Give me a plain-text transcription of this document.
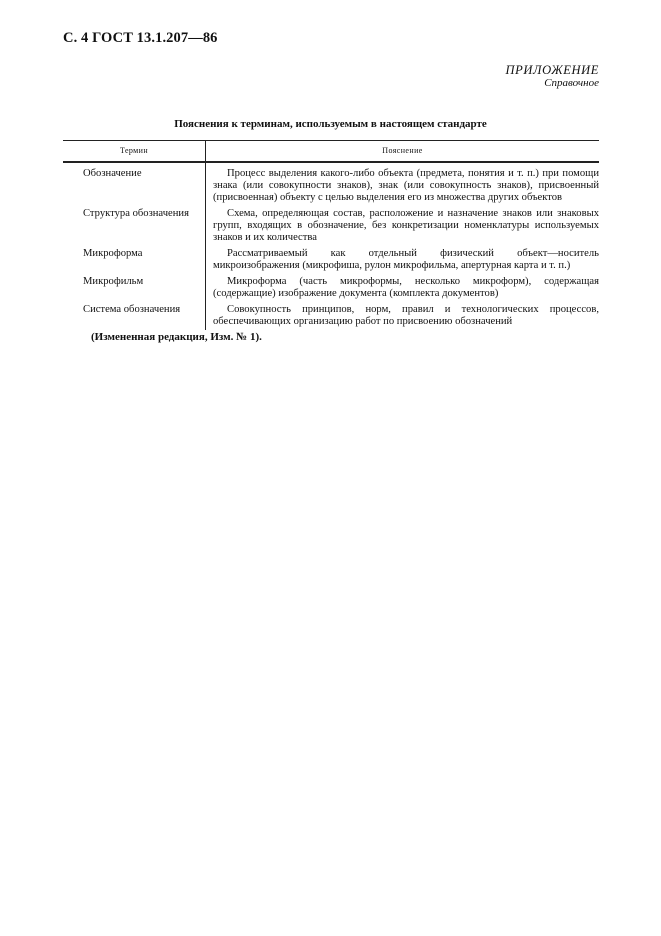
С. 4 ГОСТ 13.1.207—86
ПРИЛОЖЕНИЕ
Справочное
Пояснения к терминам, используемым в настоящем стандарте
Термин	Пояснение
Обозначение	Процесс выделения какого-либо объекта (предмета, понятия и т. п.) при помощи знака (или совокупности знаков), знак (или совокупность знаков), присвоенный (присвоенная) объекту с целью выделения его из множества других объектов
Структура обозначения	Схема, определяющая состав, расположение и назначение знаков или знаковых групп, входящих в обозначение, без конкретизации номенклатуры используемых знаков и их количества
Микроформа	Рассматриваемый как отдельный физический объект—носитель микроизображения (микрофиша, рулон микрофильма, апертурная карта и т. п.)
Микрофильм	Микроформа (часть микроформы, несколько микроформ), содержащая (содержащие) изображение документа (комплекта документов)
Система обозначения	Совокупность принципов, норм, правил и технологических процессов, обеспечивающих организацию работ по присвоению обозначений
(Измененная редакция, Изм. № 1).
